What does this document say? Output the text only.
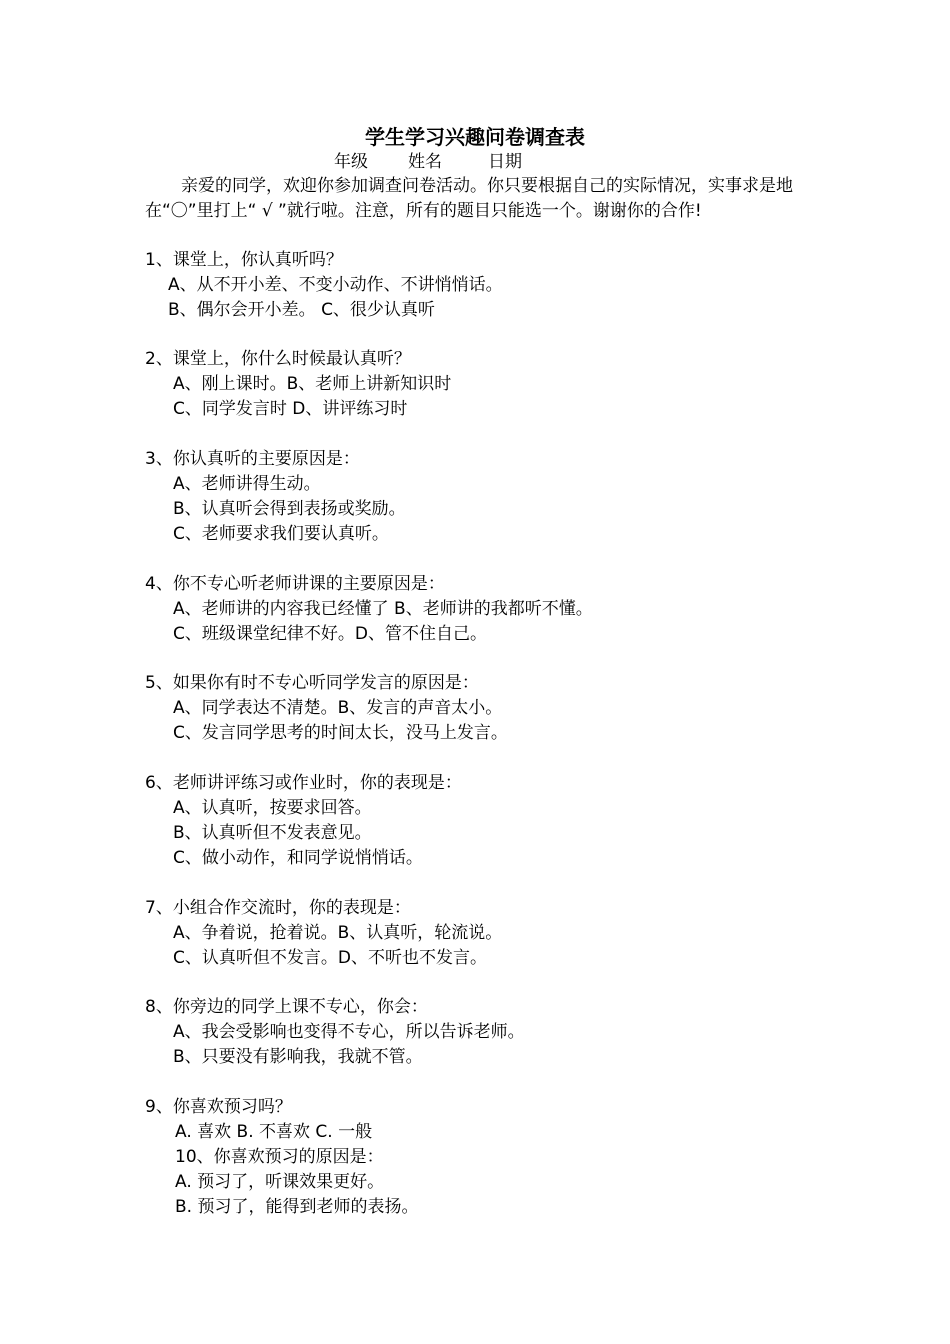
学生学习兴趣问卷调查表
年级 姓名	日期
亲爱的同学，欢迎你参加调查问卷活动。你只要根据自己的实际情况，实事求是地在“〇”里打上“ √ ”就行啦。注意，所有的题目只能选一个。谢谢你的合作!
1、课堂上，你认真听吗？
A、从不开小差、不变小动作、不讲悄悄话。
B、偶尔会开小差。 C、很少认真听
2、课堂上，你什么时候最认真听？
A、刚上课时。B、老师上讲新知识时
C、同学发言时 D、讲评练习时
3、你认真听的主要原因是：
A、老师讲得生动。
B、认真听会得到表扬或奖励。
C、老师要求我们要认真听。
4、你不专心听老师讲课的主要原因是：
A、老师讲的内容我已经懂了 B、老师讲的我都听不懂。
C、班级课堂纪律不好。D、管不住自己。
5、如果你有时不专心听同学发言的原因是：
A、同学表达不清楚。B、发言的声音太小。
C、发言同学思考的时间太长，没马上发言。
6、老师讲评练习或作业时，你的表现是：
A、认真听，按要求回答。
B、认真听但不发表意见。
C、做小动作，和同学说悄悄话。
7、小组合作交流时，你的表现是：
A、争着说，抢着说。B、认真听，轮流说。
C、认真听但不发言。D、不听也不发言。
8、你旁边的同学上课不专心，你会：
A、我会受影响也变得不专心，所以告诉老师。
B、只要没有影响我，我就不管。
9、你喜欢预习吗？
A. 喜欢 B. 不喜欢 C. 一般
10、你喜欢预习的原因是：
A. 预习了，听课效果更好。
B. 预习了，能得到老师的表扬。
